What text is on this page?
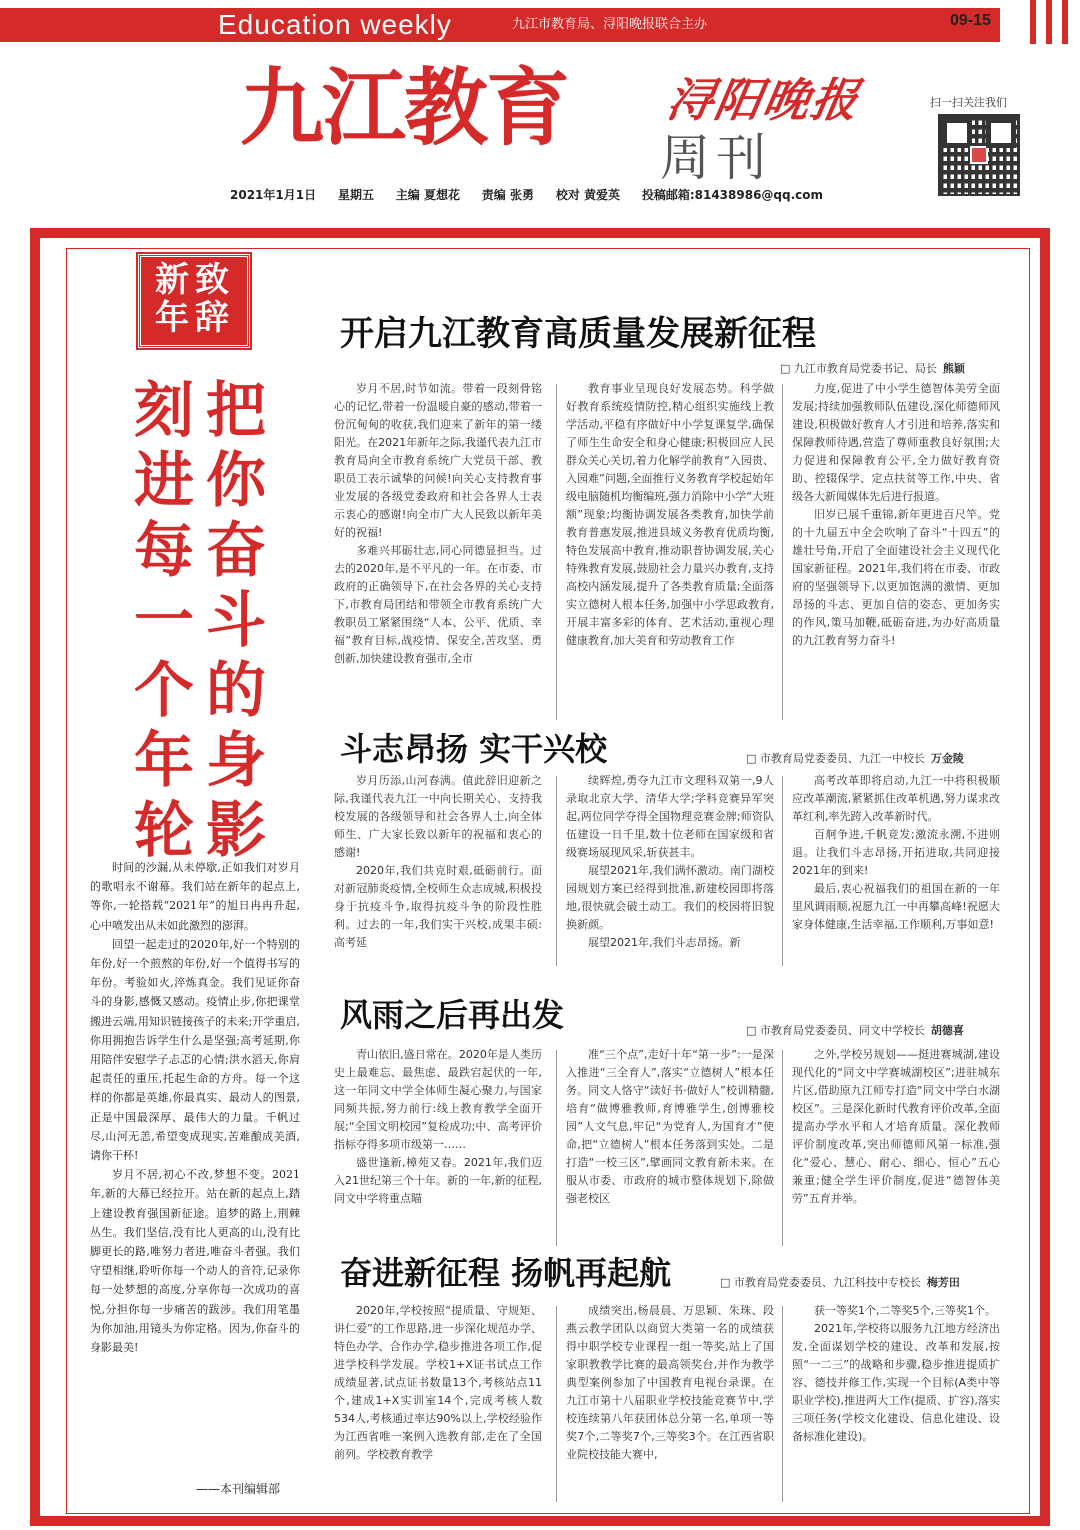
Education weekly	九江市教育局、浔阳晚报联合主办	09-15
九江教育 浔阳晚报
周刊
扫一扫关注我们
2021年1月1日 星期五 主编 夏想花 责编 张勇 校对 黄爱英 投稿邮箱:81438986@qq.com
新年
致辞
把你奋斗的身影
刻进每一个年轮

时间的沙漏,从未停歇,正如我们对岁月的歌唱永不谢幕。我们站在新年的起点上,等你,一轮搭载“2021年”的旭日冉冉升起,心中喷发出从未如此激烈的澎湃。

回望一起走过的2020年,好一个特别的年份,好一个煎熬的年份,好一个值得书写的年份。考验如火,淬炼真金。我们见证你奋斗的身影,感慨又感动。疫情止步,你把课堂搬进云端,用知识链接孩子的未来;开学重启,你用拥抱告诉学生什么是坚强;高考延期,你用陪伴安慰学子忐忑的心情;洪水滔天,你肩起责任的重压,托起生命的方舟。每一个这样的你都是英雄,你最真实、最动人的图景,正是中国最深厚、最伟大的力量。千帆过尽,山河无恙,希望变成现实,苦难酿成美酒,请你干杯!

岁月不居,初心不改,梦想不变。2021年,新的大幕已经拉开。站在新的起点上,踏上建设教育强国新征途。追梦的路上,荆棘丛生。我们坚信,没有比人更高的山,没有比脚更长的路,唯努力者进,唯奋斗者强。我们守望相继,聆听你每一个动人的音符,记录你每一处梦想的高度,分享你每一次成功的喜悦,分担你每一步痛苦的跋涉。我们用笔墨为你加油,用镜头为你定格。因为,你奋斗的身影最美!

——本刊编辑部
开启九江教育高质量发展新征程
□ 九江市教育局党委书记、局长 熊颖

岁月不居,时节如流。带着一段刻骨铭心的记忆,带着一份温暖自豪的感动,带着一份沉甸甸的收获,我们迎来了新年的第一缕阳光。在2021年新年之际,我谨代表九江市教育局向全市教育系统广大党员干部、教职员工表示诚挚的问候!向关心支持教育事业发展的各级党委政府和社会各界人士表示衷心的感谢!向全市广大人民致以新年美好的祝福!

多难兴邦砺壮志,同心同德显担当。过去的2020年,是不平凡的一年。在市委、市政府的正确领导下,在社会各界的关心支持下,市教育局团结和带领全市教育系统广大教职员工紧紧围绕“人本、公平、优质、幸福”教育目标,战疫情、保安全,苦攻坚、勇创新,加快建设教育强市,全市

教育事业呈现良好发展态势。科学做好教育系统疫情防控,精心组织实施线上教学活动,平稳有序做好中小学复课复学,确保了师生生命安全和身心健康;积极回应人民群众关心关切,着力化解学前教育“入园贵、入园难”问题,全面推行义务教育学校起始年级电脑随机均衡编班,强力消除中小学“大班额”现象;均衡协调发展各类教育,加快学前教育普惠发展,推进县域义务教育优质均衡,特色发展高中教育,推动职普协调发展,关心特殊教育发展,鼓励社会力量兴办教育,支持高校内涵发展,提升了各类教育质量;全面落实立德树人根本任务,加强中小学思政教育,开展丰富多彩的体育、艺术活动,重视心理健康教育,加大美育和劳动教育工作

力度,促进了中小学生德智体美劳全面发展;持续加强教师队伍建设,深化师德师风建设,积极做好教育人才引进和培养,落实和保障教师待遇,营造了尊师重教良好氛围;大力促进和保障教育公平,全力做好教育资助、控辍保学、定点扶贫等工作,中央、省级各大新闻媒体先后进行报道。

旧岁已展千重锦,新年更进百尺竿。党的十九届五中全会吹响了奋斗“十四五”的雄壮号角,开启了全面建设社会主义现代化国家新征程。2021年,我们将在市委、市政府的坚强领导下,以更加饱满的激情、更加昂扬的斗志、更加自信的姿态、更加务实的作风,策马加鞭,砥砺奋进,为办好高质量的九江教育努力奋斗!

斗志昂扬 实干兴校	□ 市教育局党委委员、九江一中校长 万金陵

岁月历添,山河春满。值此辞旧迎新之际,我谨代表九江一中向长期关心、支持我校发展的各级领导和社会各界人士,向全体师生、广大家长致以新年的祝福和衷心的感谢!

2020年,我们共克时艰,砥砺前行。面对新冠肺炎疫情,全校师生众志成城,积极投身于抗疫斗争,取得抗疫斗争的阶段性胜利。过去的一年,我们实干兴校,成果丰硕:高考延

续辉煌,勇夺九江市文理科双第一,9人录取北京大学、清华大学;学科竞赛异军突起,两位同学夺得全国物理竞赛金牌;师资队伍建设一日千里,数十位老师在国家级和省级赛场展现风采,斩获甚丰。

展望2021年,我们满怀激动。南门湖校园规划方案已经得到批准,新建校园即将落地,很快就会破土动工。我们的校园将旧貌换新颜。

展望2021年,我们斗志昂扬。新

高考改革即将启动,九江一中将积极顺应改革潮流,紧紧抓住改革机遇,努力谋求改革红利,率先跨入改革新时代。

百舸争进,千帆竞发;激流永溯,不进则退。让我们斗志昂扬,开拓进取,共同迎接2021年的到来!

最后,衷心祝福我们的祖国在新的一年里风调雨顺,祝愿九江一中再攀高峰!祝愿大家身体健康,生活幸福,工作顺利,万事如意!

风雨之后再出发	□ 市教育局党委委员、同文中学校长 胡德喜

青山依旧,盛日常在。2020年是人类历史上最难忘、最焦虑、最跌宕起伏的一年,这一年同文中学全体师生凝心聚力,与国家同频共振,努力前行:线上教育教学全面开展;“全国文明校园”复检成功;中、高考评价指标夺得多项市级第一……

盛世逢新,樟苑又春。2021年,我们迈入21世纪第三个十年。新的一年,新的征程,同文中学将重点瞄

准“三个点”,走好十年“第一步”:一是深入推进“三全育人”,落实“立德树人”根本任务。同文人恪守“读好书·做好人”校训精髓,培育“做博雅教师,育博雅学生,创博雅校园”人文气息,牢记“为党育人,为国育才”使命,把“立德树人”根本任务落到实处。二是打造“一校三区”,擘画同文教育新未来。在服从市委、市政府的城市整体规划下,除做强老校区

之外,学校另规划——挺进赛城湖,建设现代化的“同文中学赛城湖校区”;进驻城东片区,借助原九江师专打造“同文中学白水湖校区”。三是深化新时代教育评价改革,全面提高办学水平和人才培育质量。深化教师评价制度改革,突出师德师风第一标准,强化“爱心、慧心、耐心、细心、恒心”五心兼重;健全学生评价制度,促进“德智体美劳”五育并举。

奋进新征程 扬帆再起航	□ 市教育局党委委员、九江科技中专校长 梅芳田

2020年,学校按照“提质量、守规矩、讲仁爱”的工作思路,进一步深化规范办学、特色办学、合作办学,稳步推进各项工作,促进学校科学发展。学校1+X证书试点工作成绩显著,试点证书数量13个,考核站点11个,建成1+X实训室14个,完成考核人数534人,考核通过率达90%以上,学校经验作为江西省唯一案例入选教育部,走在了全国前列。学校教育教学

成绩突出,杨晨晨、万思颖、朱珠、段燕云教学团队以商贸大类第一名的成绩获得中职学校专业课程一组一等奖,站上了国家职教教学比赛的最高领奖台,并作为教学典型案例参加了中国教育电视台录课。在九江市第十八届职业学校技能竞赛节中,学校连续第八年获团体总分第一名,单项一等奖7个,二等奖7个,三等奖3个。在江西省职业院校技能大赛中,

获一等奖1个,二等奖5个,三等奖1个。

2021年,学校将以服务九江地方经济出发,全面谋划学校的建设、改革和发展,按照“一二三”的战略和步骤,稳步推进提质扩容、德技并修工作,实现一个目标(A类中等职业学校),推进两大工作(提质、扩容),落实三项任务(学校文化建设、信息化建设、设备标准化建设)。
